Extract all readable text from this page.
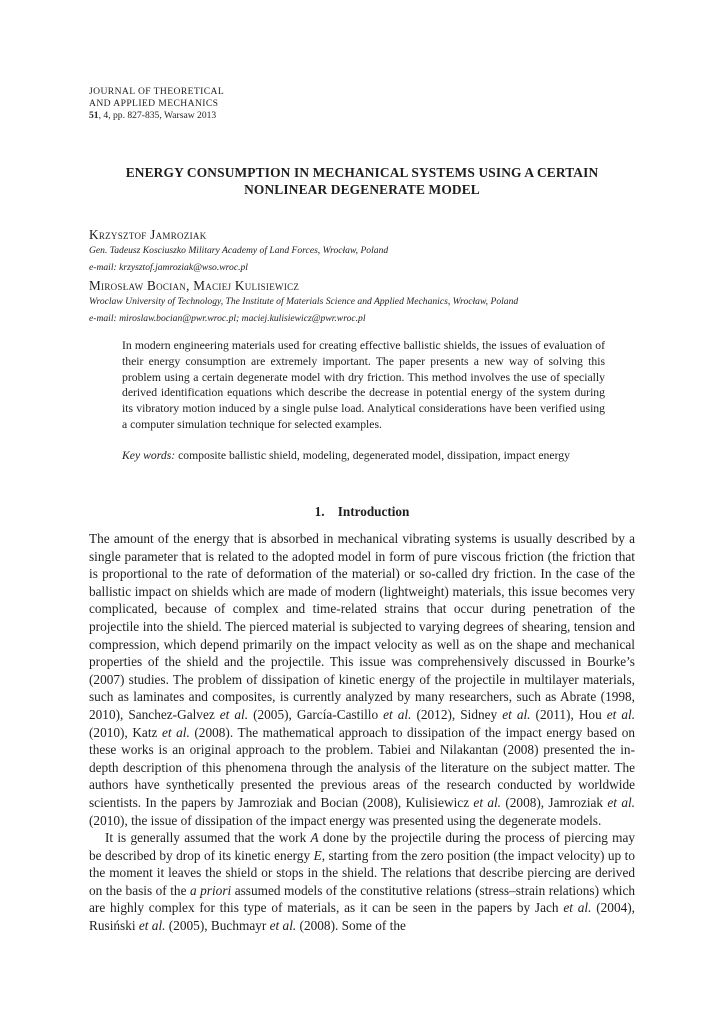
JOURNAL OF THEORETICAL
AND APPLIED MECHANICS
51, 4, pp. 827-835, Warsaw 2013
ENERGY CONSUMPTION IN MECHANICAL SYSTEMS USING A CERTAIN
NONLINEAR DEGENERATE MODEL
Krzysztof Jamroziak
Gen. Tadeusz Kosciuszko Military Academy of Land Forces, Wrocław, Poland
e-mail: krzysztof.jamroziak@wso.wroc.pl
Mirosław Bocian, Maciej Kulisiewicz
Wroclaw University of Technology, The Institute of Materials Science and Applied Mechanics, Wrocław, Poland
e-mail: miroslaw.bocian@pwr.wroc.pl; maciej.kulisiewicz@pwr.wroc.pl
In modern engineering materials used for creating effective ballistic shields, the issues of evaluation of their energy consumption are extremely important. The paper presents a new way of solving this problem using a certain degenerate model with dry friction. This method involves the use of specially derived identification equations which describe the decrease in potential energy of the system during its vibratory motion induced by a single pulse load. Analytical considerations have been verified using a computer simulation technique for selected examples.
Key words: composite ballistic shield, modeling, degenerated model, dissipation, impact energy
1. Introduction

The amount of the energy that is absorbed in mechanical vibrating systems is usually described by a single parameter that is related to the adopted model in form of pure viscous friction (the friction that is proportional to the rate of deformation of the material) or so-called dry friction. In the case of the ballistic impact on shields which are made of modern (lightweight) materials, this issue becomes very complicated, because of complex and time-related strains that occur during penetration of the projectile into the shield. The pierced material is subjected to varying degrees of shearing, tension and compression, which depend primarily on the impact velocity as well as on the shape and mechanical properties of the shield and the projectile. This issue was comprehensively discussed in Bourke’s (2007) studies. The problem of dissipation of kinetic energy of the projectile in multilayer materials, such as laminates and composites, is currently analyzed by many researchers, such as Abrate (1998, 2010), Sanchez-Galvez et al. (2005), García-Castillo et al. (2012), Sidney et al. (2011), Hou et al. (2010), Katz et al. (2008). The mathematical approach to dissipation of the impact energy based on these works is an original approach to the problem. Tabiei and Nilakantan (2008) presented the in-depth description of this phenomena through the analysis of the literature on the subject matter. The authors have synthetically presented the previous areas of the research conducted by worldwide scientists. In the papers by Jamroziak and Bocian (2008), Kulisiewicz et al. (2008), Jamroziak et al. (2010), the issue of dissipation of the impact energy was presented using the degenerate models.

It is generally assumed that the work A done by the projectile during the process of piercing may be described by drop of its kinetic energy E, starting from the zero position (the impact velocity) up to the moment it leaves the shield or stops in the shield. The relations that describe piercing are derived on the basis of the a priori assumed models of the constitutive relations (stress–strain relations) which are highly complex for this type of materials, as it can be seen in the papers by Jach et al. (2004), Rusiński et al. (2005), Buchmayr et al. (2008). Some of the
